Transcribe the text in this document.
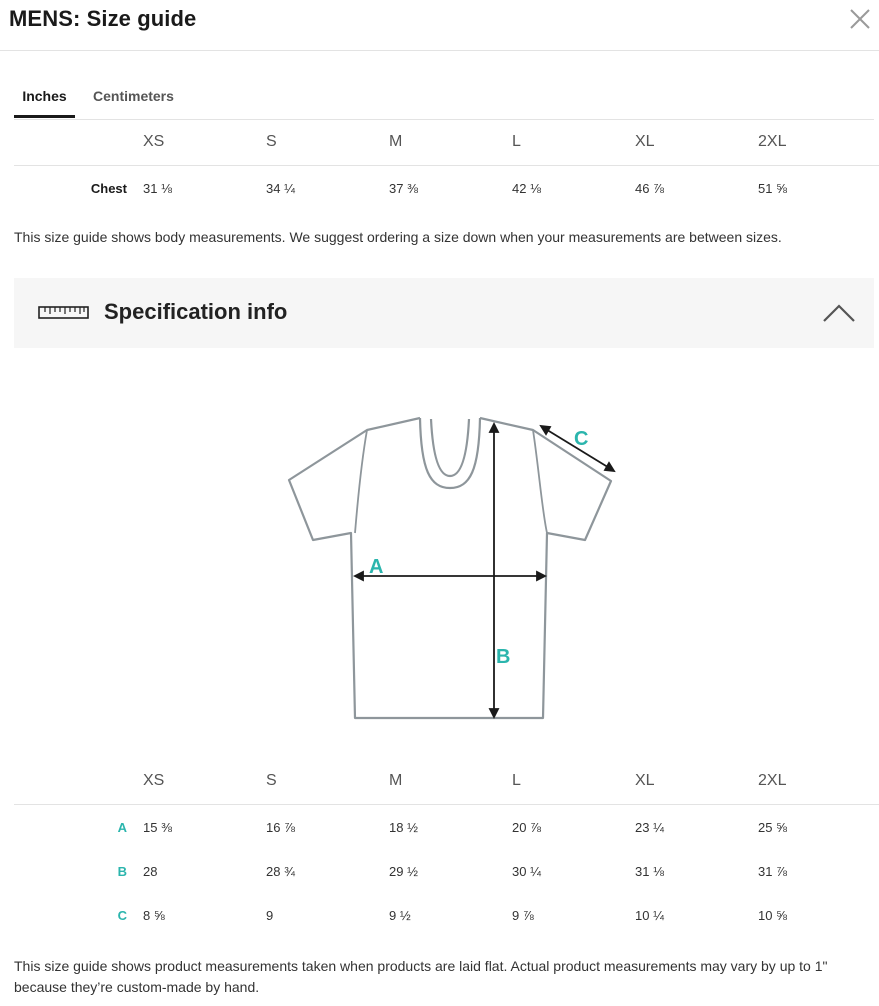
MENS: Size guide
Inches	Centimeters
	XS	S	M	L	XL	2XL
Chest	31 ⅛	34 ¼	37 ⅜	42 ⅛	46 ⅞	51 ⅝
This size guide shows body measurements. We suggest ordering a size down when your measurements are between sizes.
Specification info
A
B
C
	XS	S	M	L	XL	2XL
A	15 ⅜	16 ⅞	18 ½	20 ⅞	23 ¼	25 ⅝
B	28	28 ¾	29 ½	30 ¼	31 ⅛	31 ⅞
C	8 ⅝	9	9 ½	9 ⅞	10 ¼	10 ⅝
This size guide shows product measurements taken when products are laid flat. Actual product measurements may vary by up to 1" because they’re custom-made by hand.
